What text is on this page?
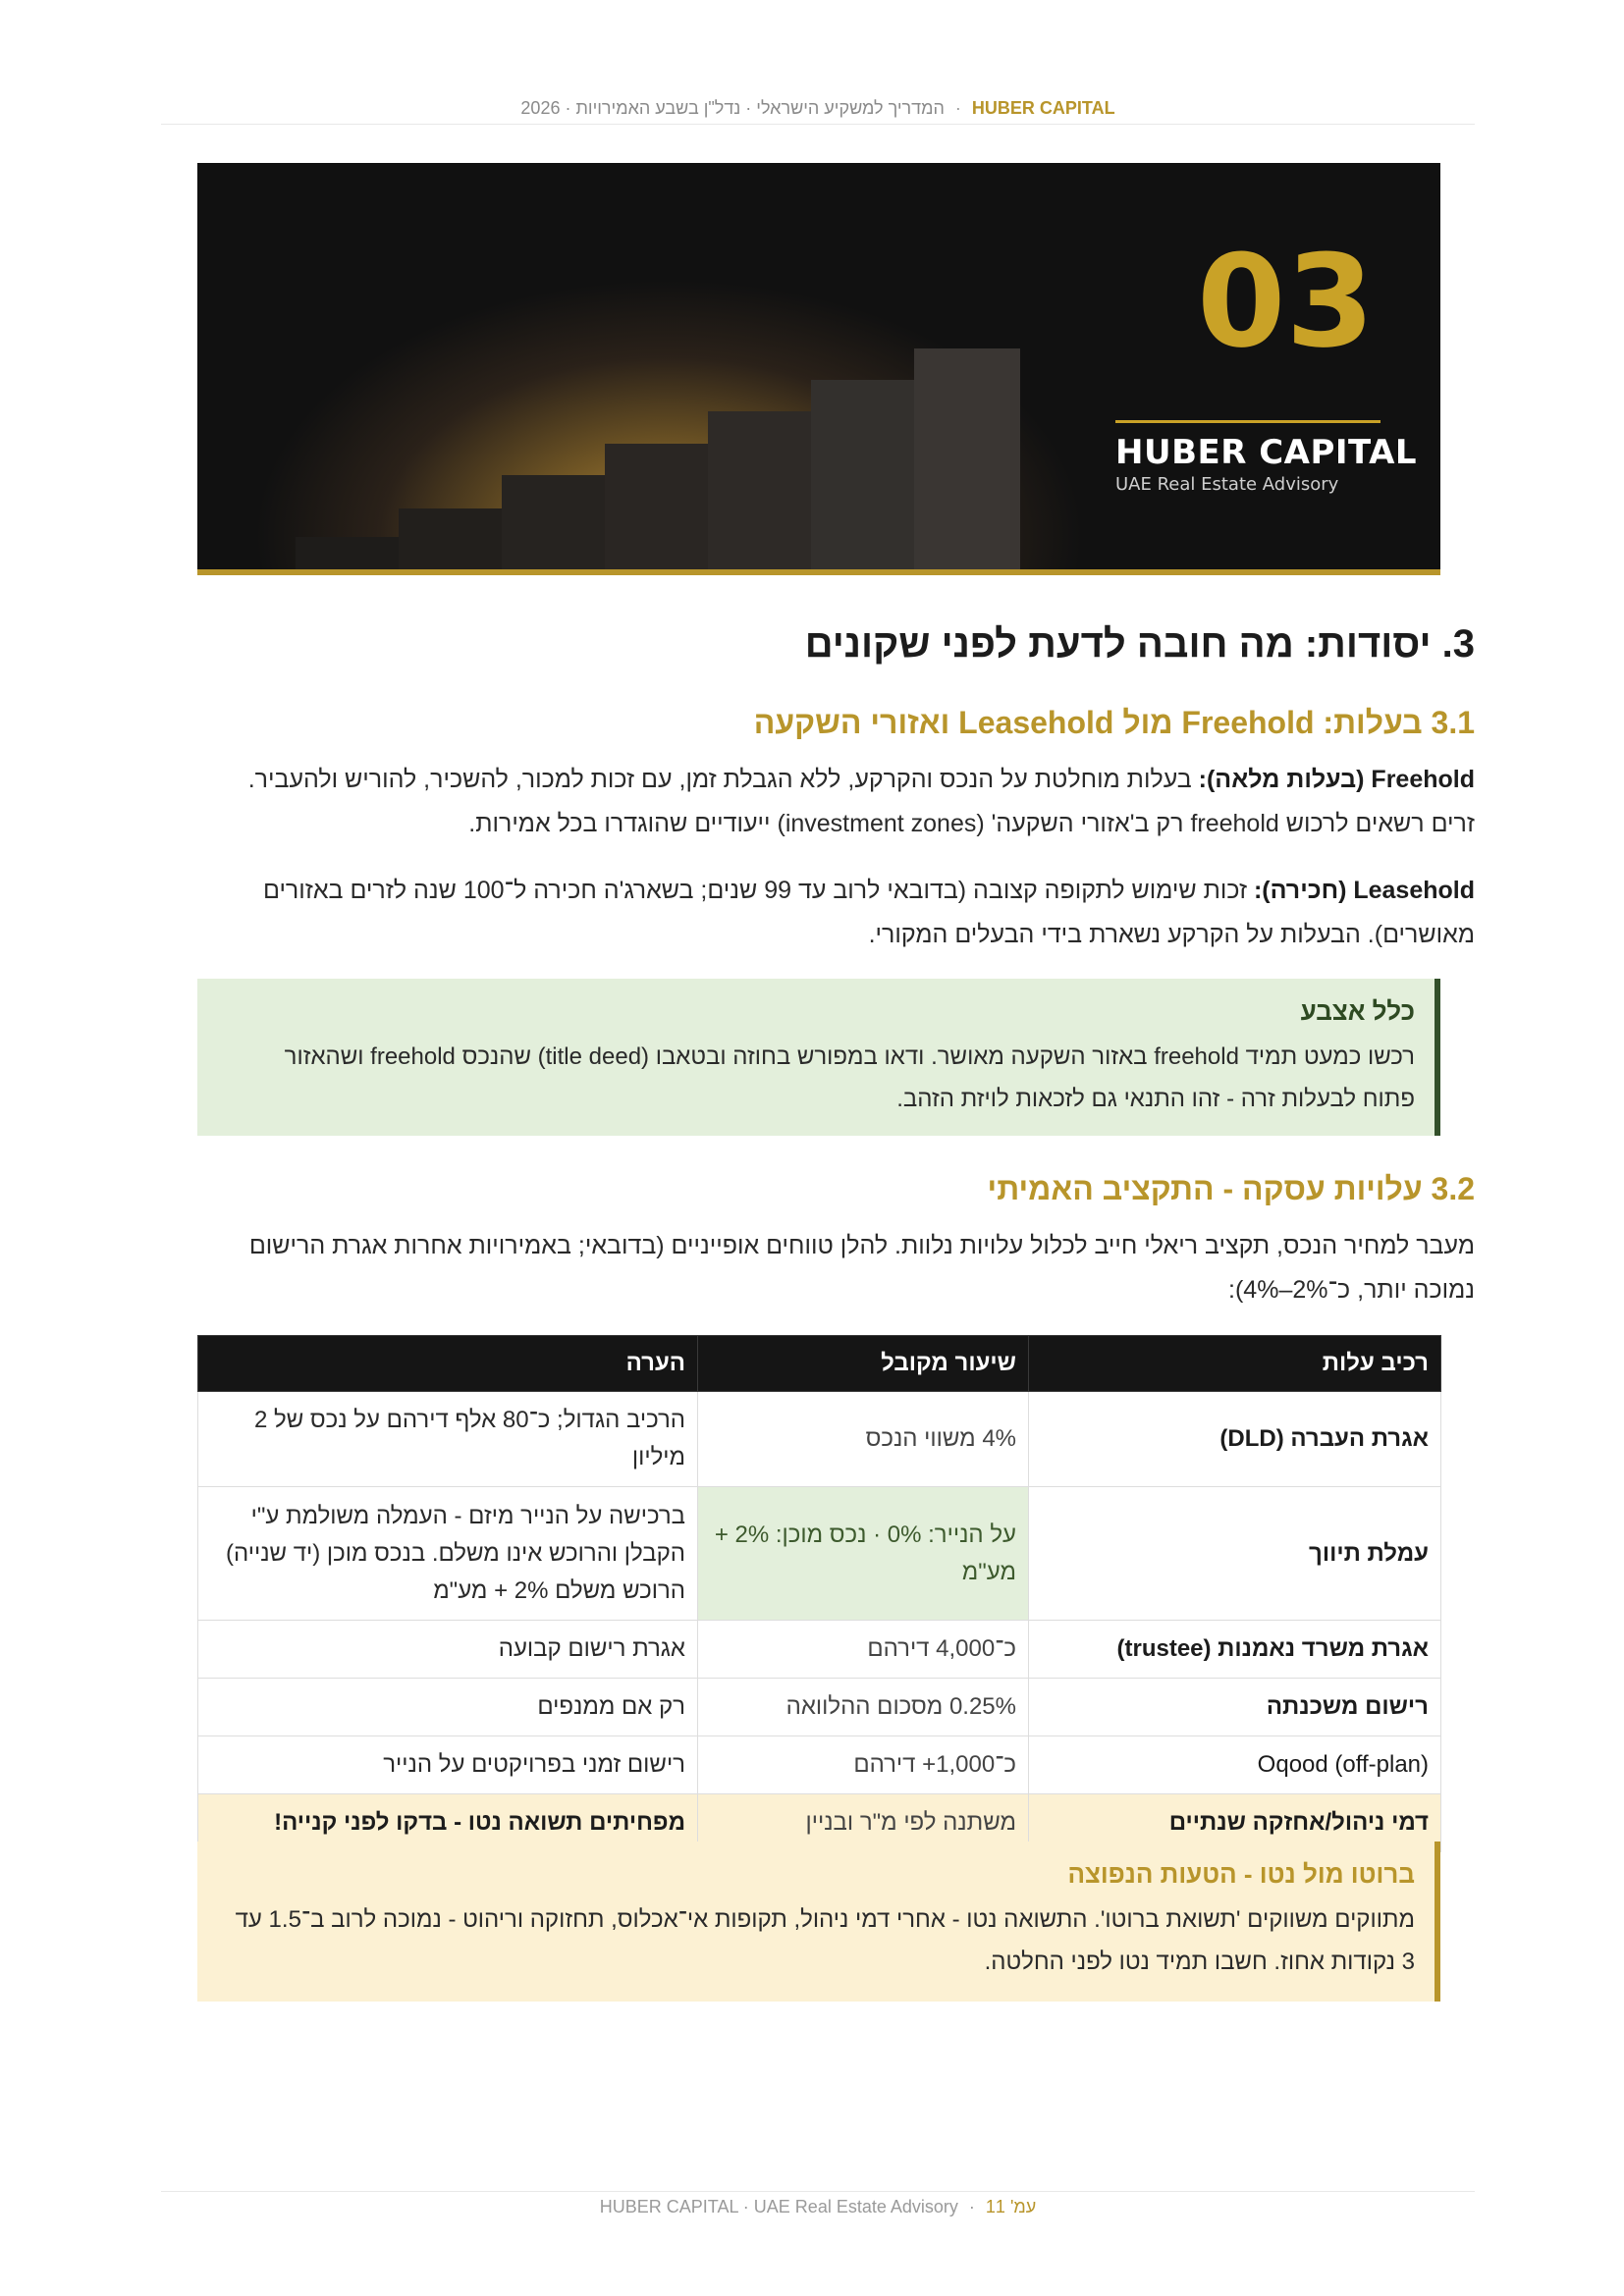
HUBER CAPITAL · המדריך למשקיע הישראלי · נדל"ן בשבע האמירויות · 2026
03
HUBER CAPITAL
UAE Real Estate Advisory
3. יסודות: מה חובה לדעת לפני שקונים
3.1 בעלות: Freehold מול Leasehold ואזורי השקעה
Freehold (בעלות מלאה): בעלות מוחלטת על הנכס והקרקע, ללא הגבלת זמן, עם זכות למכור, להשכיר, להוריש ולהעביר. זרים רשאים לרכוש freehold רק ב'אזורי השקעה' (investment zones) ייעודיים שהוגדרו בכל אמירות.
Leasehold (חכירה): זכות שימוש לתקופה קצובה (בדובאי לרוב עד 99 שנים; בשארג'ה חכירה ל־100 שנה לזרים באזורים מאושרים). הבעלות על הקרקע נשארת בידי הבעלים המקורי.
כלל אצבע
רכשו כמעט תמיד freehold באזור השקעה מאושר. ודאו במפורש בחוזה ובטאבו (title deed) שהנכס freehold ושהאזור פתוח לבעלות זרה - זהו התנאי גם לזכאות לויזת הזהב.
3.2 עלויות עסקה - התקציב האמיתי
מעבר למחיר הנכס, תקציב ריאלי חייב לכלול עלויות נלוות. להלן טווחים אופייניים (בדובאי; באמירויות אחרות אגרת הרישום נמוכה יותר, כ־2%–4%):
רכיב עלות	שיעור מקובל	הערה
אגרת העברה (DLD)	4% משווי הנכס	הרכיב הגדול; כ־80 אלף דירהם על נכס של 2 מיליון
עמלת תיווך	על הנייר: 0% · נכס מוכן: 2% + מע"מ	ברכישה על הנייר מיזם - העמלה משולמת ע"י הקבלן והרוכש אינו משלם. בנכס מוכן (יד שנייה) הרוכש משלם 2% + מע"מ
אגרת משרד נאמנות (trustee)	כ־4,000 דירהם	אגרת רישום קבועה
רישום משכנתה	0.25% מסכום ההלוואה	רק אם ממנפים
Oqood (off-plan)	כ־1,000+ דירהם	רישום זמני בפרויקטים על הנייר
דמי ניהול/אחזקה שנתיים	משתנה לפי מ"ר ובניין	מפחיתים תשואה נטו - בדקו לפני קנייה!
ברוטו מול נטו - הטעות הנפוצה
מתווקים משווקים 'תשואת ברוטו'. התשואה נטו - אחרי דמי ניהול, תקופות אי־אכלוס, תחזוקה וריהוט - נמוכה לרוב ב־1.5 עד 3 נקודות אחוז. חשבו תמיד נטו לפני החלטה.
עמ' 11 · HUBER CAPITAL · UAE Real Estate Advisory
